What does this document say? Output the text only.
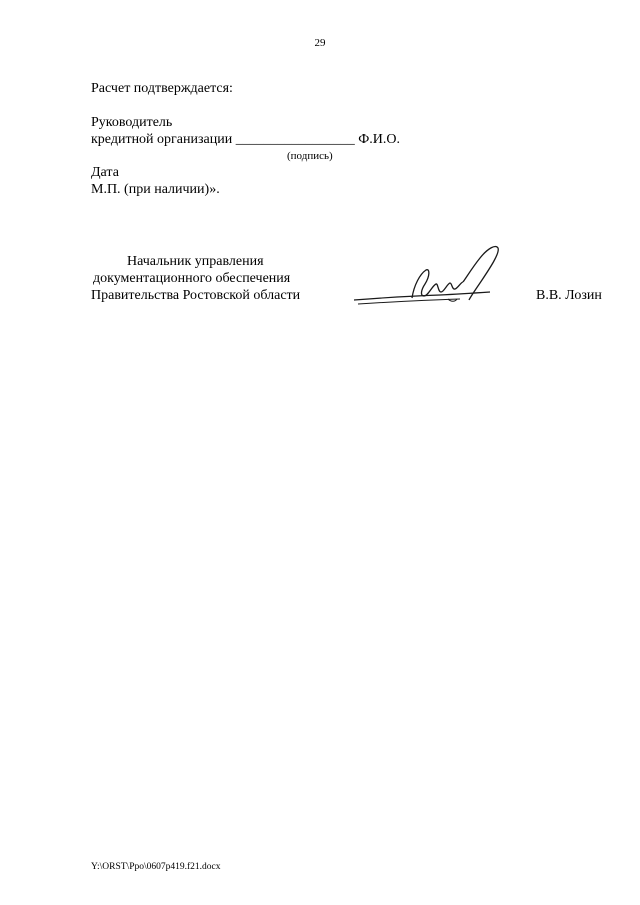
29
Расчет подтверждается:
Руководитель
кредитной организации _________________ Ф.И.О.
(подпись)
Дата
М.П. (при наличии)».
Начальник управления
документационного обеспечения
Правительства Ростовской области	В.В. Лозин
Y:\ORST\Ppo\0607p419.f21.docx
